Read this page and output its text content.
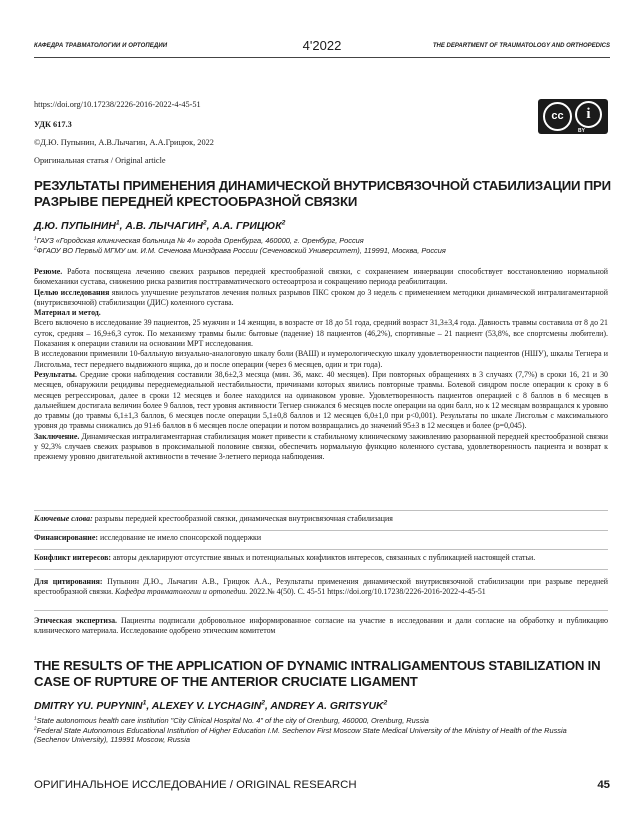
КАФЕДРА ТРАВМАТОЛОГИИ И ОРТОПЕДИИ	4'2022	THE DEPARTMENT OF TRAUMATOLOGY AND ORTHOPEDICS
https://doi.org/10.17238/2226-2016-2022-4-45-51
УДК 617.3
©Д.Ю. Пупынин, А.В.Лычагин, А.А.Грицюк, 2022
Оригинальная статья / Original article
cc	i
BY
РЕЗУЛЬТАТЫ ПРИМЕНЕНИЯ ДИНАМИЧЕСКОЙ ВНУТРИСВЯЗОЧНОЙ СТАБИЛИЗАЦИИ ПРИ РАЗРЫВЕ ПЕРЕДНЕЙ КРЕСТООБРАЗНОЙ СВЯЗКИ
Д.Ю. ПУПЫНИН$^1$, А.В. ЛЫЧАГИН$^2$, А.А. ГРИЦЮК$^2$
$^1$ГАУЗ «Городская клиническая больница № 4» города Оренбурга, 460000, г. Оренбург, Россия
$^2$ФГАОУ ВО Первый МГМУ им. И.М. Сеченова Минздрава России (Сеченовский Университет), 119991, Москва, Россия

Резюме. Работа посвящена лечению свежих разрывов передней крестообразной связки, с сохранением иннервации способствует восстановлению нормальной биомеханики сустава, снижению риска развития посттравматического остеоартроза и сокращению периода реабилитации.

Целью исследования явилось улучшение результатов лечения полных разрывов ПКС сроком до 3 недель с применением методики динамической интралигаментарной (внутрисвязочной) стабилизации (ДИС) коленного сустава.

Материал и метод.

Всего включено в исследование 39 пациентов, 25 мужчин и 14 женщин, в возрасте от 18 до 51 года, средний возраст 31,3±3,4 года. Давность травмы составила от 8 до 21 суток, средняя – 16,9±6,3 суток. По механизму травмы были: бытовые (падение) 18 пациентов (46,2%), спортивные – 21 пациент (53,8%, все спортсмены любители). Показания к операции ставили на основании МРТ исследования.

В исследовании применили 10-балльную визуально-аналоговую шкалу боли (ВАШ) и нумерологическую шкалу удовлетворенности пациентов (НШУ), шкалы Тегнера и Лисгольма, тест переднего выдвижного ящика, до и после операции (через 6 месяцев, один и три года).

Результаты. Средние сроки наблюдения составили 38,6±2,3 месяца (мин. 36, макс. 40 месяцев). При повторных обращениях в 3 случаях (7,7%) в сроки 16, 21 и 30 месяцев, обнаружили рецидивы переднемедиальной нестабильности, причинами которых явились повторные травмы. Болевой синдром после операции к сроку в 6 месяцев регрессировал, далее в сроки 12 месяцев и более находился на одинаковом уровне. Удовлетворенность пациентов операцией с 8 баллов в 6 месяцев в дальнейшем достигала величин более 9 баллов, тест уровня активности Тегнер снижался 6 месяцев после операции на один балл, но к 12 месяцам возвращался к уровню до травмы (до травмы 6,1±1,3 баллов, 6 месяцев после операции 5,1±0,8 баллов и 12 месяцев 6,0±1,0 при p<0,001). Результаты по шкале Лисгольм с максимального уровня до травмы снижались до 91±6 баллов в 6 месяцев после операции и потом возвращались до значений 95±3 в 12 месяцев и более (p=0,045).

Заключение. Динамическая интралигаментарная стабилизация может привести к стабильному клиническому заживлению разорванной передней крестообразной связки у 92,3% случаев свежих разрывов в проксимальной половине связки, обеспечить нормальную функцию коленного сустава, удовлетворенность пациента и возврат к прежнему уровню двигательной активности в течение 3-летнего периода наблюдения.

Ключевые слова: разрывы передней крестообразной связки, динамическая внутрисвязочная стабилизация
Финансирование: исследование не имело спонсорской поддержки
Конфликт интересов: авторы декларируют отсутствие явных и потенциальных конфликтов интересов, связанных с публикацией настоящей статьи.
Для цитирования: Пупынин Д.Ю., Лычагин А.В., Грицюк А.А., Результаты применения динамической внутрисвязочной стабилизации при разрыве передней крестообразной связки. Кафедра травматологии и ортопедии. 2022.№ 4(50). С. 45-51 https://doi.org/10.17238/2226-2016-2022-4-45-51
Этическая экспертиза. Пациенты подписали добровольное информированное согласие на участие в исследовании и дали согласие на обработку и публикацию клинического материала. Исследование одобрено этическим комитетом
THE RESULTS OF THE APPLICATION OF DYNAMIC INTRALIGAMENTOUS STABILIZATION IN CASE OF RUPTURE OF THE ANTERIOR CRUCIATE LIGAMENT
DMITRY YU. PUPYNIN$^1$, ALEXEY V. LYCHAGIN$^2$, ANDREY A. GRITSYUK$^2$
$^1$State autonomous health care institution "City Clinical Hospital No. 4" of the city of Orenburg, 460000, Orenburg, Russia
$^2$Federal State Autonomous Educational Institution of Higher Education I.M. Sechenov First Moscow State Medical University of the Ministry of Health of the Russia (Sechenov University), 119991 Moscow, Russia
ОРИГИНАЛЬНОЕ ИССЛЕДОВАНИЕ / ORIGINAL RESEARCH	45
